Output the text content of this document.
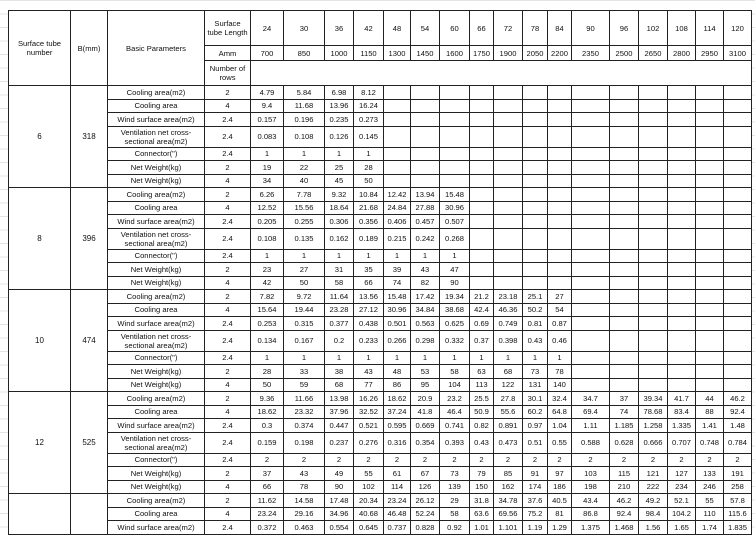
Surface tube number	B(mm)	Basic Parameters	Surface tube Length	24	30	36	42	48	54	60	66	72	78	84	90	96	102	108	114	120
			Amm	700	850	1000	1150	1300	1450	1600	1750	1900	2050	2200	2350	2500	2650	2800	2950	3100
			Number of rows																	
6	318	Cooling area(m2)	2	4.79	5.84	6.98	8.12													
		Cooling area	4	9.4	11.68	13.96	16.24													
		Wind surface area(m2)	2.4	0.157	0.196	0.235	0.273													
		Ventilation net cross-sectional area(m2)	2.4	0.083	0.108	0.126	0.145													
		Connector(")	2.4	1	1	1	1													
		Net Weight(kg)	2	19	22	25	28													
		Net Weight(kg)	4	34	40	45	50													
8	396	Cooling area(m2)	2	6.26	7.78	9.32	10.84	12.42	13.94	15.48										
		Cooling area	4	12.52	15.56	18.64	21.68	24.84	27.88	30.96										
		Wind surface area(m2)	2.4	0.205	0.255	0.306	0.356	0.406	0.457	0.507										
		Ventilation net cross-sectional area(m2)	2.4	0.108	0.135	0.162	0.189	0.215	0.242	0.268										
		Connector(")	2.4	1	1	1	1	1	1	1										
		Net Weight(kg)	2	23	27	31	35	39	43	47										
		Net Weight(kg)	4	42	50	58	66	74	82	90										
10	474	Cooling area(m2)	2	7.82	9.72	11.64	13.56	15.48	17.42	19.34	21.2	23.18	25.1	27						
		Cooling area	4	15.64	19.44	23.28	27.12	30.96	34.84	38.68	42.4	46.36	50.2	54						
		Wind surface area(m2)	2.4	0.253	0.315	0.377	0.438	0.501	0.563	0.625	0.69	0.749	0.81	0.87						
		Ventilation net cross-sectional area(m2)	2.4	0.134	0.167	0.2	0.233	0.266	0.298	0.332	0.37	0.398	0.43	0.46						
		Connector(")	2.4	1	1	1	1	1	1	1	1	1	1	1						
		Net Weight(kg)	2	28	33	38	43	48	53	58	63	68	73	78						
		Net Weight(kg)	4	50	59	68	77	86	95	104	113	122	131	140						
12	525	Cooling area(m2)	2	9.36	11.66	13.98	16.26	18.62	20.9	23.2	25.5	27.8	30.1	32.4	34.7	37	39.34	41.7	44	46.2
		Cooling area	4	18.62	23.32	37.96	32.52	37.24	41.8	46.4	50.9	55.6	60.2	64.8	69.4	74	78.68	83.4	88	92.4
		Wind surface area(m2)	2.4	0.3	0.374	0.447	0.521	0.595	0.669	0.741	0.82	0.891	0.97	1.04	1.11	1.185	1.258	1.335	1.41	1.48
		Ventilation net cross-sectional area(m2)	2.4	0.159	0.198	0.237	0.276	0.316	0.354	0.393	0.43	0.473	0.51	0.55	0.588	0.628	0.666	0.707	0.748	0.784
		Connector(")	2.4	2	2	2	2	2	2	2	2	2	2	2	2	2	2	2	2	2
		Net Weight(kg)	2	37	43	49	55	61	67	73	79	85	91	97	103	115	121	127	133	191
		Net Weight(kg)	4	66	78	90	102	114	126	139	150	162	174	186	198	210	222	234	246	258
		Cooling area(m2)	2	11.62	14.58	17.48	20.34	23.24	26.12	29	31.8	34.78	37.6	40.5	43.4	46.2	49.2	52.1	55	57.8
		Cooling area	4	23.24	29.16	34.96	40.68	46.48	52.24	58	63.6	69.56	75.2	81	86.8	92.4	98.4	104.2	110	115.6
		Wind surface area(m2)	2.4	0.372	0.463	0.554	0.645	0.737	0.828	0.92	1.01	1.101	1.19	1.29	1.375	1.468	1.56	1.65	1.74	1.835
